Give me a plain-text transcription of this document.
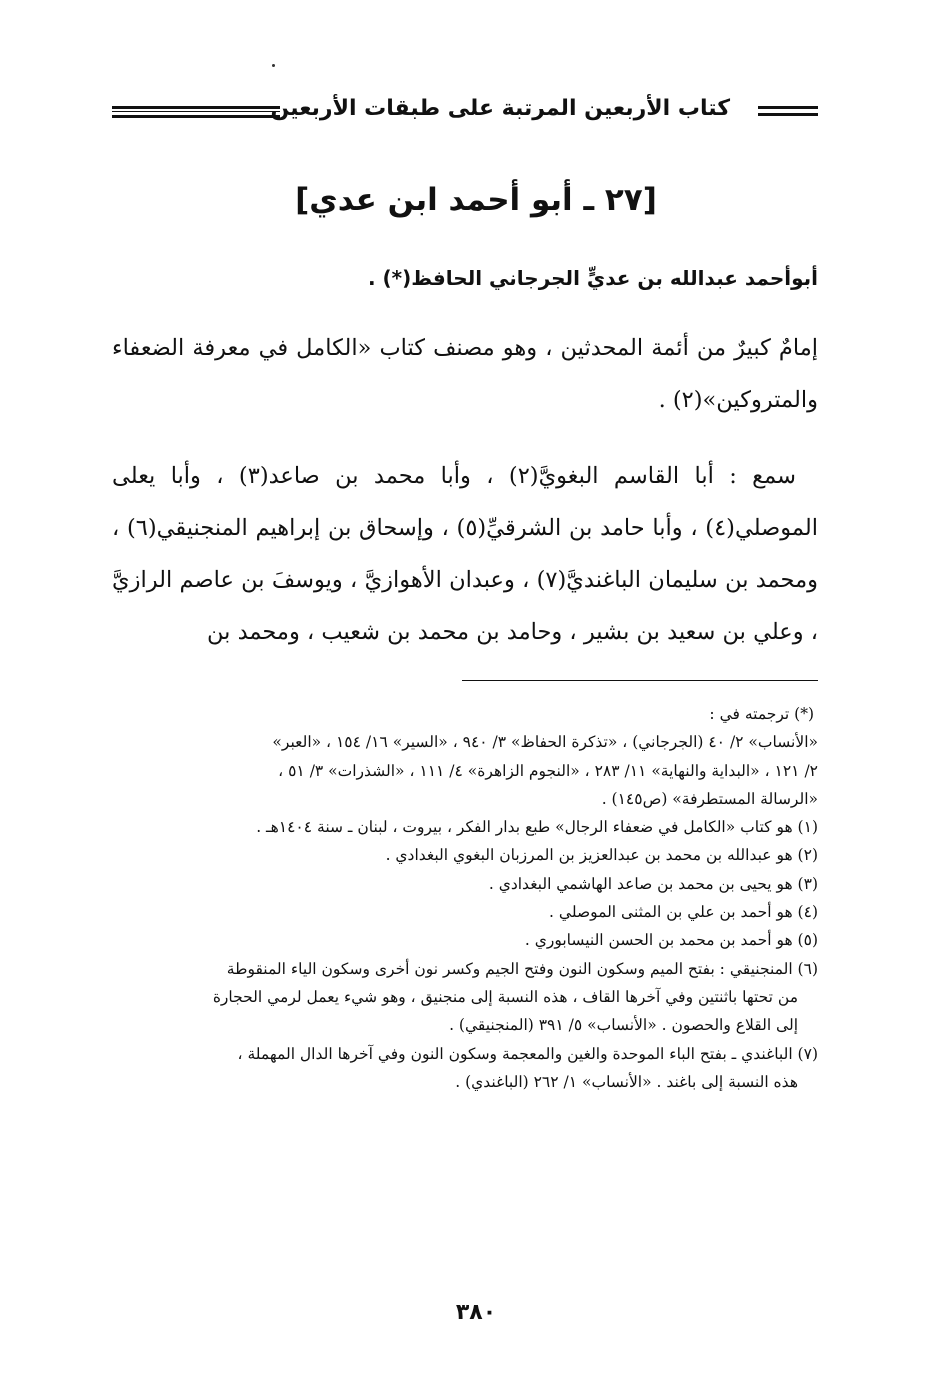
كتاب الأربعين المرتبة على طبقات الأربعين
[٢٧ ـ أبو أحمد ابن عدي]
أبوأحمد عبدالله بن عديٍّ الجرجاني الحافظ(*) .
إمامٌ كبيرٌ من أئمة المحدثين ، وهو مصنف كتاب «الكامل في معرفة الضعفاء والمتروكين»(٢) .
سمع : أبا القاسم البغويَّ(٢) ، وأبا محمد بن صاعد(٣) ، وأبا يعلى الموصلي(٤) ، وأبا حامد بن الشرقيِّ(٥) ، وإسحاق بن إبراهيم المنجنيقي(٦) ، ومحمد بن سليمان الباغنديَّ(٧) ، وعبدان الأهوازيَّ ، ويوسفَ بن عاصم الرازيَّ ، وعلي بن سعيد بن بشير ، وحامد بن محمد بن شعيب ، ومحمد بن
(*) ترجمته في :
«الأنساب» ٢/ ٤٠ (الجرجاني) ، «تذكرة الحفاظ» ٣/ ٩٤٠ ، «السير» ١٦/ ١٥٤ ، «العبر»
٢/ ١٢١ ، «البداية والنهاية» ١١/ ٢٨٣ ، «النجوم الزاهرة» ٤/ ١١١ ، «الشذرات» ٣/ ٥١ ،
«الرسالة المستطرفة» (ص١٤٥) .
(١) هو كتاب «الكامل في ضعفاء الرجال» طبع بدار الفكر ، بيروت ، لبنان ـ سنة ١٤٠٤هـ .
(٢) هو عبدالله بن محمد بن عبدالعزيز بن المرزبان البغوي البغدادي .
(٣) هو يحيى بن محمد بن صاعد الهاشمي البغدادي .
(٤) هو أحمد بن علي بن المثنى الموصلي .
(٥) هو أحمد بن محمد بن الحسن النيسابوري .
(٦) المنجنيقي : بفتح الميم وسكون النون وفتح الجيم وكسر نون أخرى وسكون الياء المنقوطة
من تحتها باثنتين وفي آخرها القاف ، هذه النسبة إلى منجنيق ، وهو شيء يعمل لرمي الحجارة
إلى القلاع والحصون . «الأنساب» ٥/ ٣٩١ (المنجنيقي) .
(٧) الباغندي ـ بفتح الباء الموحدة والغين والمعجمة وسكون النون وفي آخرها الدال المهملة ،
هذه النسبة إلى باغند . «الأنساب» ١/ ٢٦٢ (الباغندي) .
٣٨٠
